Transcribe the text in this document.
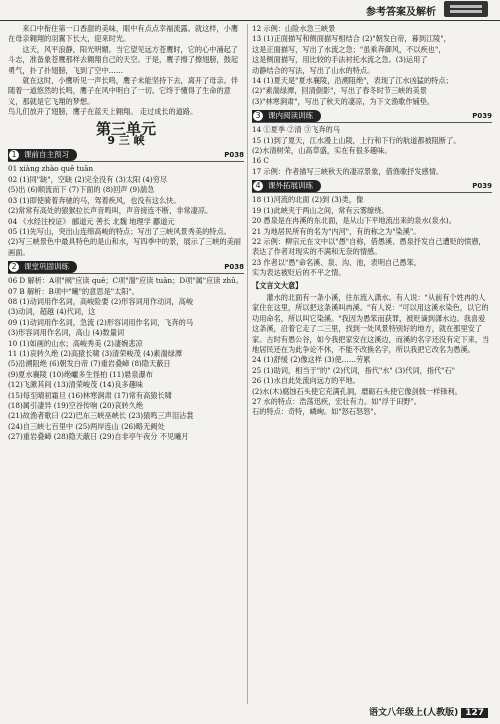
参考答案及解析

来口中衔住第一口香甜的美味，眼中有点点幸福流露。就这样，小鹰在母亲翱翔的羽翼下长大，迎来时光。

这天，风平浪静，阳光明媚。当它望见远方苍鹰时，它的心中涌起了斗志，准备象苍鹰那样去翱翔自己的天空。于是，鹰子擦了擦翅膀，鼓起勇气，扑了扑翅膀，飞到了空中……

就在这时，小鹰听见一声长鸣，鹰子未能坚持下去，离开了母亲。伴随着一道悠然的长鸣，鹰子在风中明白了一切。它终于懂得了生命的意义，那就是它飞翔的梦想。

鸟儿们放开了翅膀，鹰子在蓝天上翱翔。 走过成长的道路。

第三单元
9 三 峡
1 课前自主预习	P038

01 xiàng zhào quē tuān

02 (1)同"缺"，空缺 (2)完全没有 (3)太阳 (4)穷尽

(5)出 (6)顺流而下 (7)下面的 (8)回声 (9)湍急

03 (1)即使骑着奔驰的马，驾着疾风，也没有这么快。

(2)常常有高处的猿猴拉长声音鸣叫，声音接连不断，非常凄凉。

04 《水经注校证》 郦道元 善长 北魏 地理学 酈道元

05 (1)先写山，突出山连绵高峻的特点；写出了三峡风景秀美的特点。

(2)写三峡景色中最具特色的是山和水，写四季中的景，展示了三峡的美丽画面。

2 课堂巩固训练	P038

06 D 解析：A项"阙"应读 quē；C项"湍"应读 tuān；D项"属"应读 zhǔ。

07 B 解析：B项中"曦"的意思是"太阳"。

08 (1)动词用作名词，高峻险要 (2)形容词用作动词，高峻

(3)动词，超越 (4)代词，这

09 (1)动词用作名词，急流 (2)形容词用作名词，飞奔的马

(3)形容词用作名词，高山 (4)数量词

10 (1)如画的山水；高峻秀美 (2)凄婉悲凉

11 (1)哀转久绝 (2)高猿长啸 (3)清荣峻茂 (4)素湍绿潭

(5)沿溯阻绝 (6)朝发白帝 (7)重岩叠嶂 (8)隐天蔽日

(9)夏水襄陵 (10)绝巘多生怪柏 (11)悬泉瀑布

(12)飞漱其间 (13)清荣峻茂 (14)良多趣味

(15)每至晴初霜旦 (16)林寒涧肃 (17)常有高猿长啸

(18)属引凄异 (19)空谷传响 (20)哀转久绝

(21)故渔者歌曰 (22)巴东三峡巫峡长 (23)猿鸣三声泪沾裳

(24)自三峡七百里中 (25)两岸连山 (26)略无阙处

(27)重岩叠嶂 (28)隐天蔽日 (29)自非亭午夜分 不见曦月

12 示例：山险水急三峡景

13 (1)正面描写和侧面描写相结合 (2)"朝发白帝，暮到江陵"，

这是正面描写，写出了水流之急；"虽乘奔御风，不以疾也"，

这是侧面描写，用比较的手法衬托水流之急。(3)运用了

动静结合的写法，写出了山水的特点。

14 (1)夏天是"夏水襄陵，沿溯阻绝"，表现了江水凶猛的特点；

(2)"素湍绿潭，回清倒影"，写出了春冬时节三峡的美景

(3)"林寒涧肃"，写出了秋天的凄凉，为下文渔歌作铺垫。

3 课内阅读训练	P039

14 ①夏季 ②清 ③飞奔的马

15 (1)到了夏天，江水漫上山陵，上行和下行的航道都被阻断了。

(2)水清树荣，山高草盛，实在有很多趣味。

16 C

17 示例：作者描写三峡秋天的凄凉景象，借渔歌抒发感情。

4 课外拓展训练	P039

18 (1)河流的北面 (2)到 (3)类，像

19 (1)此峡夹于两山之间，常有云雾缭绕。

20 愚泉是在冉溪的东北面，是从山下平地流出来的泉水(泉水)。

21 为地居民所有的名为"内河"，有的称之为"染溪"。

22 示例：柳宗元在文中以"愚"自称，借愚溪、愚泉抒发自己遭贬的愤懑，

表达了作者对现实的不满和无奈的情感。

23 作者以"愚"命名溪、泉、沟、池，表明自己愚笨，

实为表达被贬后的不平之情。

【文言文大意】

灌水的北面有一条小溪，往东流入潇水。有人说："从前有个姓冉的人家住在这里，所以把这条溪叫冉溪。"有人说："可以用这溪水染色，以它的功用命名，所以叫它染溪。"我因为愚笨而获罪，被贬谪到潇水边。我喜爱这条溪，沿着它走了二三里，找到一处风景特别好的地方，就在那里安了家。古时有愚公谷，如今我把家安在这溪边，而溪的名字还没有定下来，当地居民还在为此争论不休，不能不改换名字，所以我把它改名为愚溪。

24 (1)舒缓 (2)像这样 (3)使……劳累

25 (1)助词，相当于"的" (2)代词，指代"水" (3)代词，指代"石"

26 (1)水自此处流向远方的平地。

(2)水(木)腐蚀石头使它充满孔洞，磨砺石头使它像剑戟一样锋利。

27 水的特点：浩荡迅疾，宏壮有力。如"浮于田野"。

石的特点：奇特，嶙峋。如"怒石怒怒"。

语文八年级上(人教版) 127
